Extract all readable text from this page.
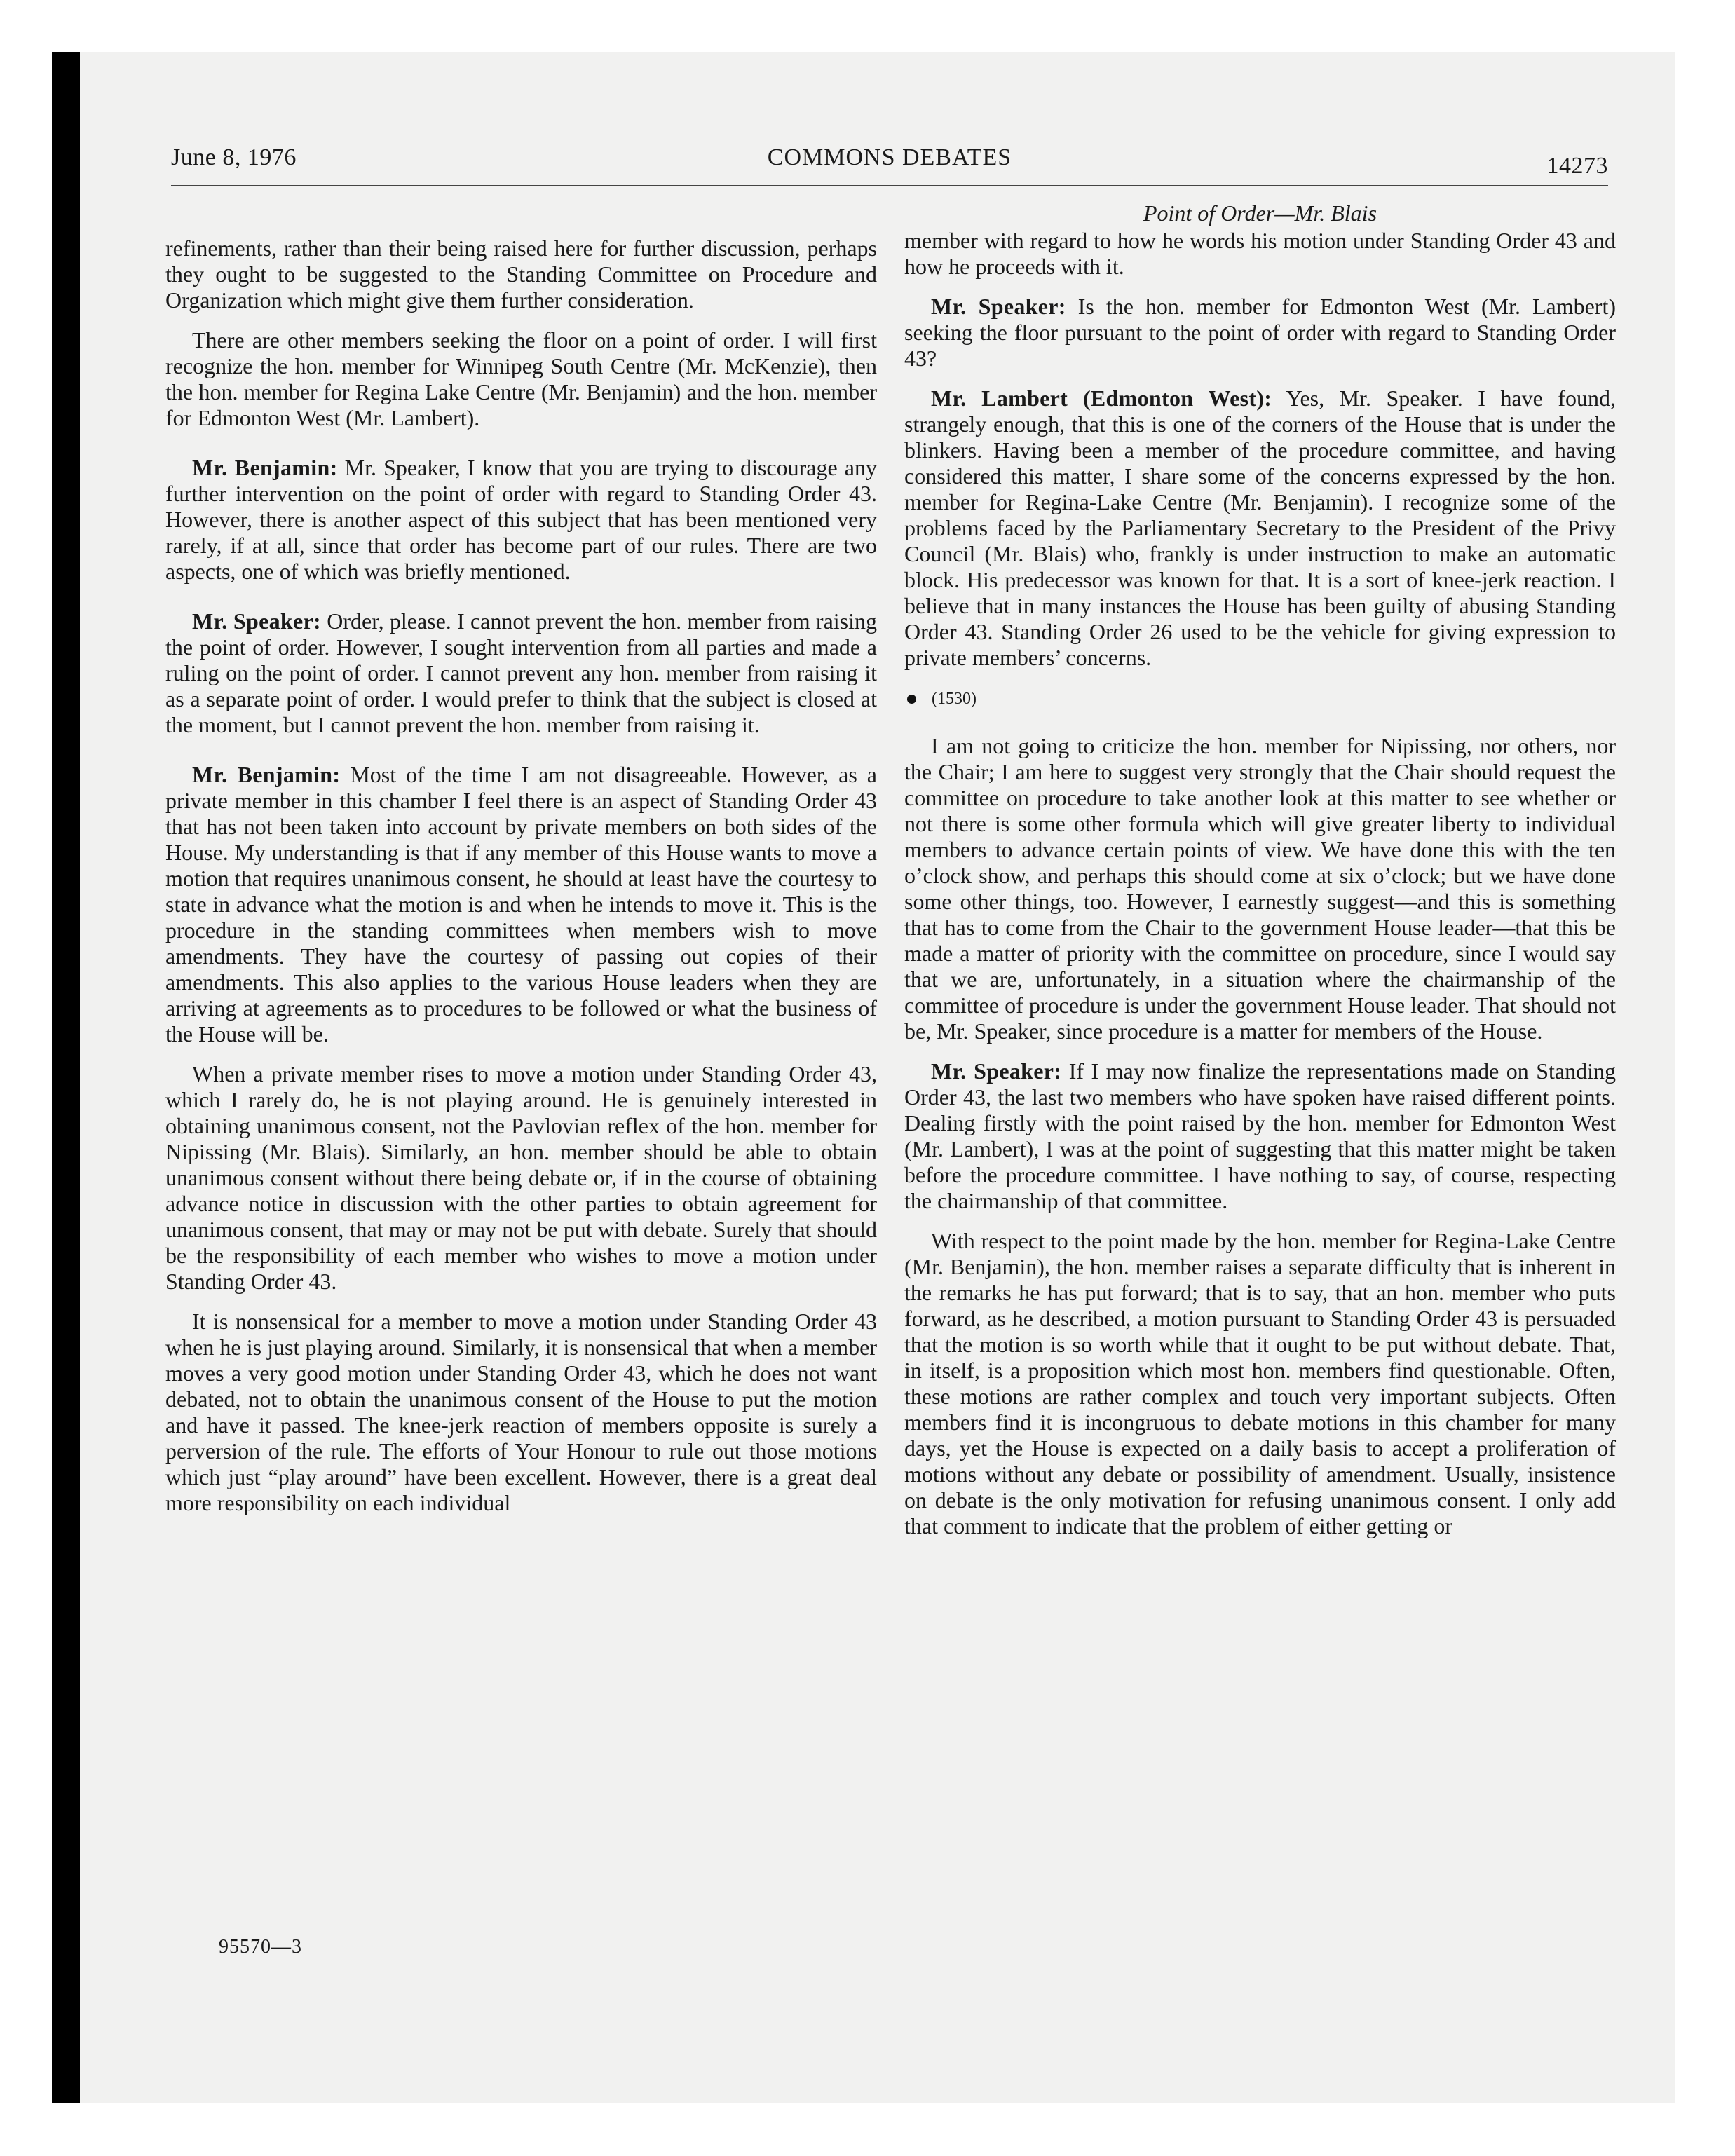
June 8, 1976	COMMONS DEBATES	14273

refinements, rather than their being raised here for further discussion, perhaps they ought to be suggested to the Standing Committee on Procedure and Organization which might give them further consideration.

There are other members seeking the floor on a point of order. I will first recognize the hon. member for Winnipeg South Centre (Mr. McKenzie), then the hon. member for Regina Lake Centre (Mr. Benjamin) and the hon. member for Edmonton West (Mr. Lambert).

Mr. Benjamin: Mr. Speaker, I know that you are trying to discourage any further intervention on the point of order with regard to Standing Order 43. However, there is another aspect of this subject that has been mentioned very rarely, if at all, since that order has become part of our rules. There are two aspects, one of which was briefly mentioned.

Mr. Speaker: Order, please. I cannot prevent the hon. member from raising the point of order. However, I sought intervention from all parties and made a ruling on the point of order. I cannot prevent any hon. member from raising it as a separate point of order. I would prefer to think that the subject is closed at the moment, but I cannot prevent the hon. member from raising it.

Mr. Benjamin: Most of the time I am not disagreeable. However, as a private member in this chamber I feel there is an aspect of Standing Order 43 that has not been taken into account by private members on both sides of the House. My understanding is that if any member of this House wants to move a motion that requires unanimous consent, he should at least have the courtesy to state in advance what the motion is and when he intends to move it. This is the procedure in the standing committees when members wish to move amendments. They have the courtesy of passing out copies of their amendments. This also applies to the various House leaders when they are arriving at agreements as to procedures to be followed or what the business of the House will be.

When a private member rises to move a motion under Standing Order 43, which I rarely do, he is not playing around. He is genuinely interested in obtaining unanimous consent, not the Pavlovian reflex of the hon. member for Nipissing (Mr. Blais). Similarly, an hon. member should be able to obtain unanimous consent without there being debate or, if in the course of obtaining advance notice in discussion with the other parties to obtain agreement for unanimous consent, that may or may not be put with debate. Surely that should be the responsibility of each member who wishes to move a motion under Standing Order 43.

It is nonsensical for a member to move a motion under Standing Order 43 when he is just playing around. Similarly, it is nonsensical that when a member moves a very good motion under Standing Order 43, which he does not want debated, not to obtain the unanimous consent of the House to put the motion and have it passed. The knee-jerk reaction of members opposite is surely a perversion of the rule. The efforts of Your Honour to rule out those motions which just “play around” have been excellent. However, there is a great deal more responsibility on each individual

Point of Order—Mr. Blais

member with regard to how he words his motion under Standing Order 43 and how he proceeds with it.

Mr. Speaker: Is the hon. member for Edmonton West (Mr. Lambert) seeking the floor pursuant to the point of order with regard to Standing Order 43?

Mr. Lambert (Edmonton West): Yes, Mr. Speaker. I have found, strangely enough, that this is one of the corners of the House that is under the blinkers. Having been a member of the procedure committee, and having considered this matter, I share some of the concerns expressed by the hon. member for Regina-Lake Centre (Mr. Benjamin). I recognize some of the problems faced by the Parliamentary Secretary to the President of the Privy Council (Mr. Blais) who, frankly is under instruction to make an automatic block. His predecessor was known for that. It is a sort of knee-jerk reaction. I believe that in many instances the House has been guilty of abusing Standing Order 43. Standing Order 26 used to be the vehicle for giving expression to private members’ concerns.

(1530)

I am not going to criticize the hon. member for Nipissing, nor others, nor the Chair; I am here to suggest very strongly that the Chair should request the committee on procedure to take another look at this matter to see whether or not there is some other formula which will give greater liberty to individual members to advance certain points of view. We have done this with the ten o’clock show, and perhaps this should come at six o’clock; but we have done some other things, too. However, I earnestly suggest—and this is something that has to come from the Chair to the government House leader—that this be made a matter of priority with the committee on procedure, since I would say that we are, unfortunately, in a situation where the chairmanship of the committee of procedure is under the government House leader. That should not be, Mr. Speaker, since procedure is a matter for members of the House.

Mr. Speaker: If I may now finalize the representations made on Standing Order 43, the last two members who have spoken have raised different points. Dealing firstly with the point raised by the hon. member for Edmonton West (Mr. Lambert), I was at the point of suggesting that this matter might be taken before the procedure committee. I have nothing to say, of course, respecting the chairmanship of that committee.

With respect to the point made by the hon. member for Regina-Lake Centre (Mr. Benjamin), the hon. member raises a separate difficulty that is inherent in the remarks he has put forward; that is to say, that an hon. member who puts forward, as he described, a motion pursuant to Standing Order 43 is persuaded that the motion is so worth while that it ought to be put without debate. That, in itself, is a proposition which most hon. members find questionable. Often, these motions are rather complex and touch very important subjects. Often members find it is incongruous to debate motions in this chamber for many days, yet the House is expected on a daily basis to accept a proliferation of motions without any debate or possibility of amendment. Usually, insistence on debate is the only motivation for refusing unanimous consent. I only add that comment to indicate that the problem of either getting or

95570—3
